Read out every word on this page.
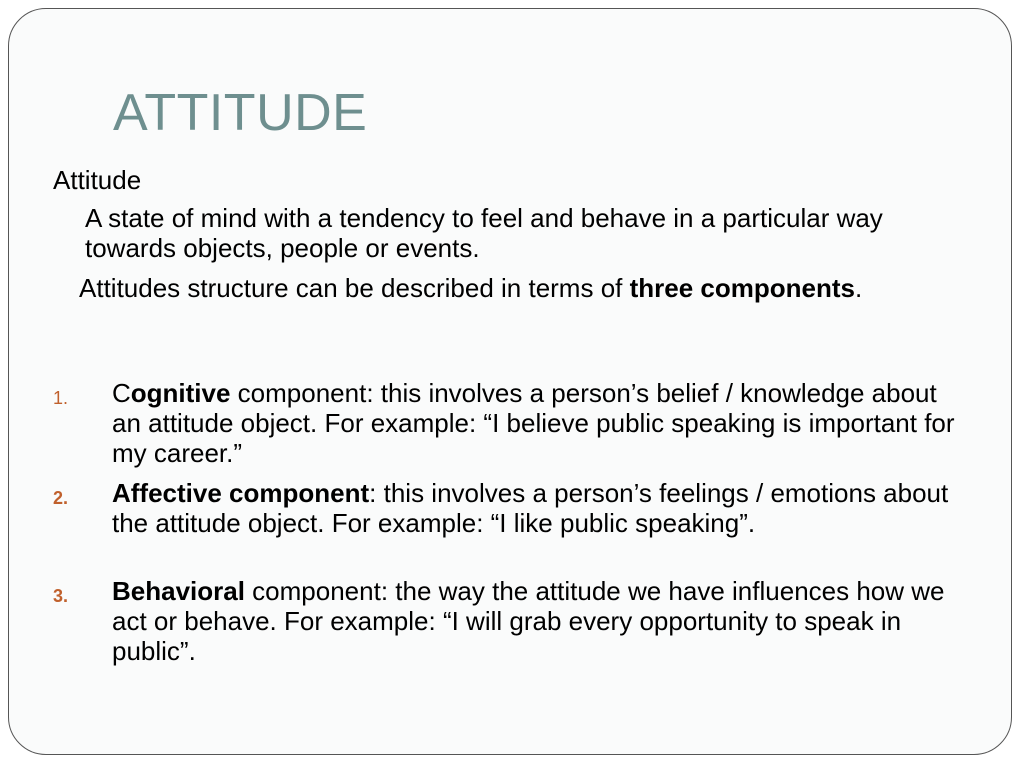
ATTITUDE

Attitude

A state of mind with a tendency to feel and behave in a particular way towards objects, people or events.

Attitudes structure can be described in terms of three components.

1. Cognitive component: this involves a person’s belief / knowledge about an attitude object. For example: “I believe public speaking is important for my career.”

2. Affective component: this involves a person’s feelings / emotions about the attitude object. For example: “I like public speaking”.

3. Behavioral component: the way the attitude we have influences how we act or behave. For example: “I will grab every opportunity to speak in public”.
